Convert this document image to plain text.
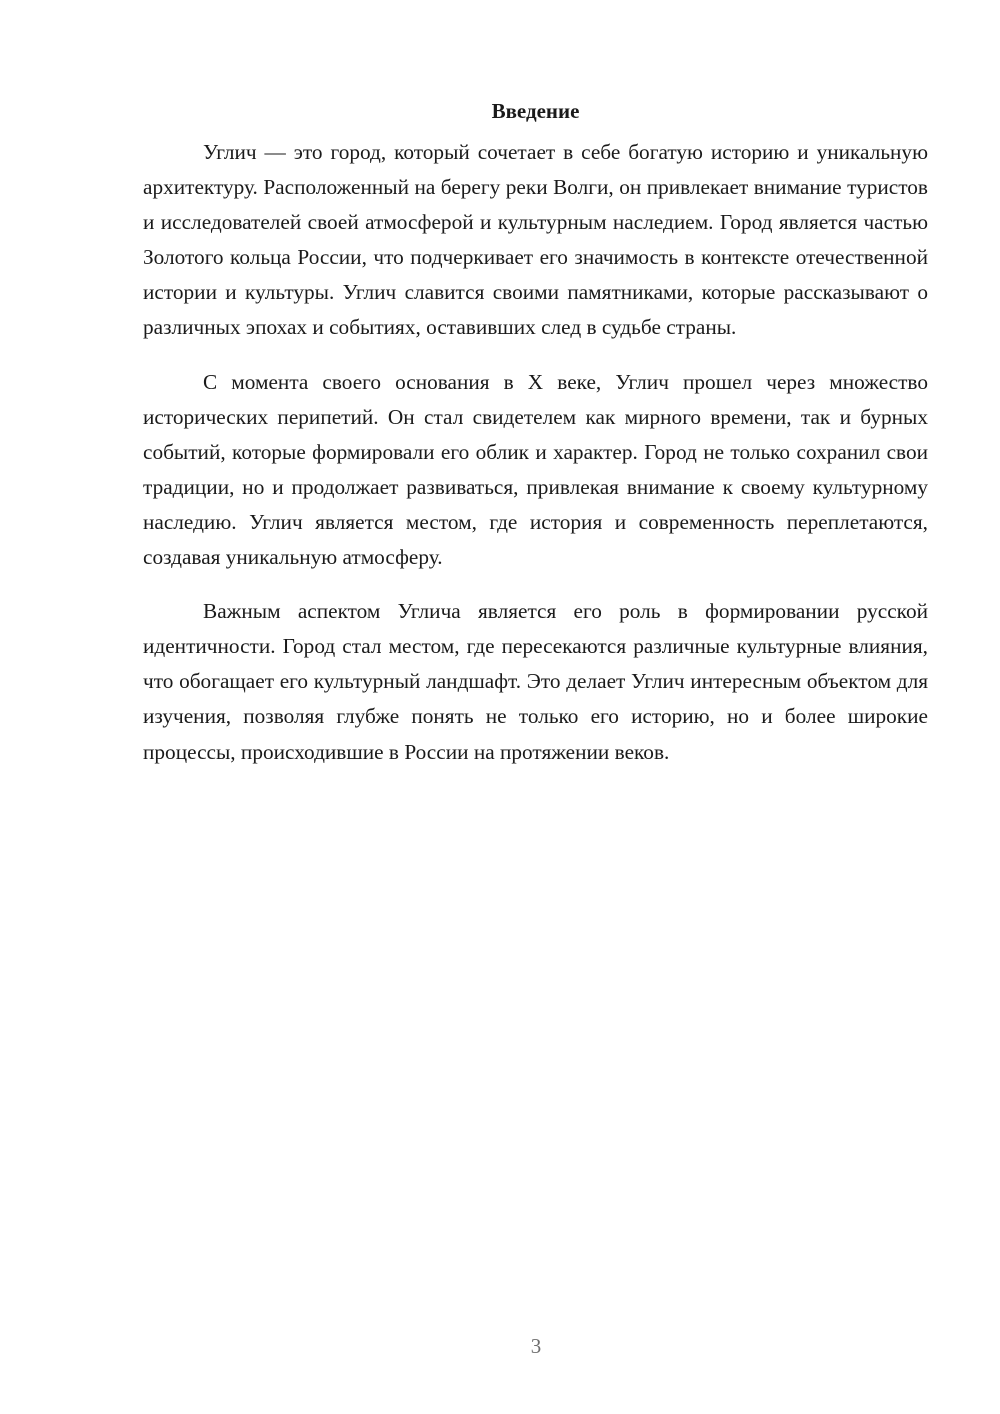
Введение

Углич — это город, который сочетает в себе богатую историю и уникальную архитектуру. Расположенный на берегу реки Волги, он привлекает внимание туристов и исследователей своей атмосферой и культурным наследием. Город является частью Золотого кольца России, что подчеркивает его значимость в контексте отечественной истории и культуры. Углич славится своими памятниками, которые рассказывают о различных эпохах и событиях, оставивших след в судьбе страны.

С момента своего основания в X веке, Углич прошел через множество исторических перипетий. Он стал свидетелем как мирного времени, так и бурных событий, которые формировали его облик и характер. Город не только сохранил свои традиции, но и продолжает развиваться, привлекая внимание к своему культурному наследию. Углич является местом, где история и современность переплетаются, создавая уникальную атмосферу.

Важным аспектом Углича является его роль в формировании русской идентичности. Город стал местом, где пересекаются различные культурные влияния, что обогащает его культурный ландшафт. Это делает Углич интересным объектом для изучения, позволяя глубже понять не только его историю, но и более широкие процессы, происходившие в России на протяжении веков.

3
